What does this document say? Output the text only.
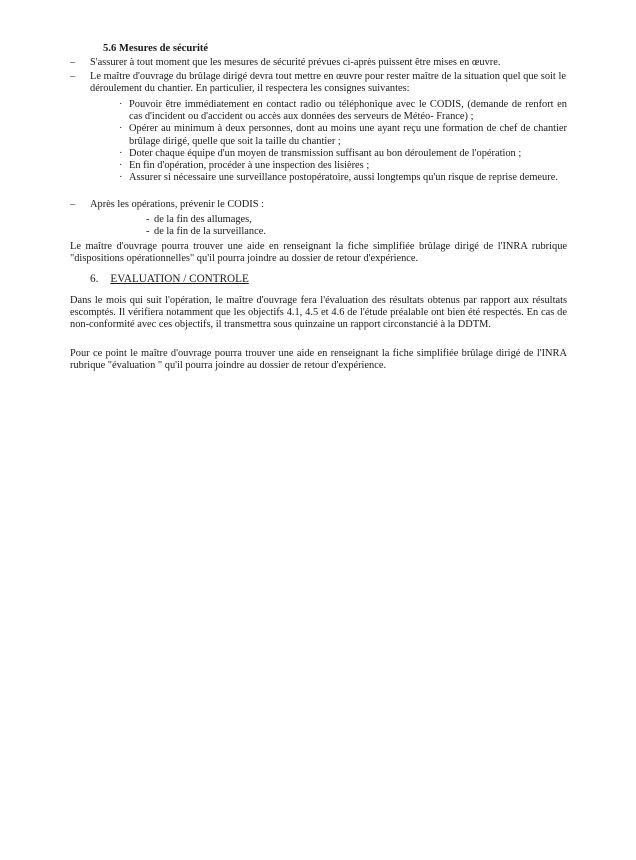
5.6 Mesures de sécurité
– S'assurer à tout moment que les mesures de sécurité prévues ci-après puissent être mises en œuvre.
– Le maître d'ouvrage du brûlage dirigé devra tout mettre en œuvre pour rester maître de la situation quel que soit le déroulement du chantier. En particulier, il respectera les consignes suivantes:
· Pouvoir être immédiatement en contact radio ou téléphonique avec le CODIS, (demande de renfort en cas d'incident ou d'accident ou accès aux données des serveurs de Météo- France) ;
· Opérer au minimum à deux personnes, dont au moins une ayant reçu une formation de chef de chantier brûlage dirigé, quelle que soit la taille du chantier ;
· Doter chaque équipe d'un moyen de transmission suffisant au bon déroulement de l'opération ;
· En fin d'opération, procéder à une inspection des lisières ;
· Assurer si nécessaire une surveillance postopératoire, aussi longtemps qu'un risque de reprise demeure.
– Après les opérations, prévenir le CODIS :
- de la fin des allumages,
- de la fin de la surveillance.
Le maître d'ouvrage pourra trouver une aide en renseignant la fiche simplifiée brûlage dirigé de l'INRA rubrique "dispositions opérationnelles" qu'il pourra joindre au dossier de retour d'expérience.
6. EVALUATION / CONTROLE
Dans le mois qui suit l'opération, le maître d'ouvrage fera l'évaluation des résultats obtenus par rapport aux résultats escomptés. Il vérifiera notamment que les objectifs 4.1, 4.5 et 4.6 de l'étude préalable ont bien été respectés. En cas de non-conformité avec ces objectifs, il transmettra sous quinzaine un rapport circonstancié à la DDTM.
Pour ce point le maître d'ouvrage pourra trouver une aide en renseignant la fiche simplifiée brûlage dirigé de l'INRA rubrique "évaluation " qu'il pourra joindre au dossier de retour d'expérience.
